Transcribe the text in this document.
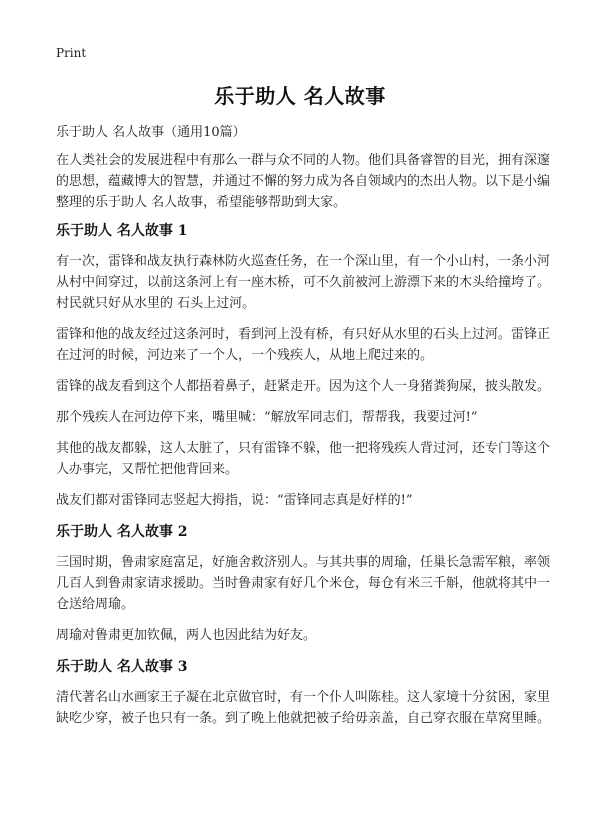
Print
乐于助人 名人故事
乐于助人 名人故事（通用10篇）
在人类社会的发展进程中有那么一群与众不同的人物。他们具备睿智的目光，拥有深邃的思想，蕴藏博大的智慧，并通过不懈的努力成为各自领域内的杰出人物。以下是小编整理的乐于助人 名人故事，希望能够帮助到大家。
乐于助人 名人故事 1

有一次，雷锋和战友执行森林防火巡查任务，在一个深山里，有一个小山村，一条小河从村中间穿过，以前这条河上有一座木桥，可不久前被河上游漂下来的木头给撞垮了。村民就只好从水里的 石头上过河。

雷锋和他的战友经过这条河时，看到河上没有桥，有只好从水里的石头上过河。雷锋正在过河的时候，河边来了一个人，一个残疾人，从地上爬过来的。

雷锋的战友看到这个人都捂着鼻子，赶紧走开。因为这个人一身猪粪狗屎，披头散发。

那个残疾人在河边停下来，嘴里喊：“解放军同志们，帮帮我，我要过河!”

其他的战友都躲，这人太脏了，只有雷锋不躲，他一把将残疾人背过河，还专门等这个人办事完，又帮忙把他背回来。

战友们都对雷锋同志竖起大拇指，说：“雷锋同志真是好样的!”

乐于助人 名人故事 2

三国时期，鲁肃家庭富足，好施舍救济别人。与其共事的周瑜，任巢长急需军粮，率领几百人到鲁肃家请求援助。当时鲁肃家有好几个米仓，每仓有米三千斛，他就将其中一仓送给周瑜。

周瑜对鲁肃更加钦佩，两人也因此结为好友。

乐于助人 名人故事 3

清代著名山水画家王子凝在北京做官时，有一个仆人叫陈桂。这人家境十分贫困，家里缺吃少穿，被子也只有一条。到了晚上他就把被子给毋亲盖，自己穿衣服在草窝里睡。
